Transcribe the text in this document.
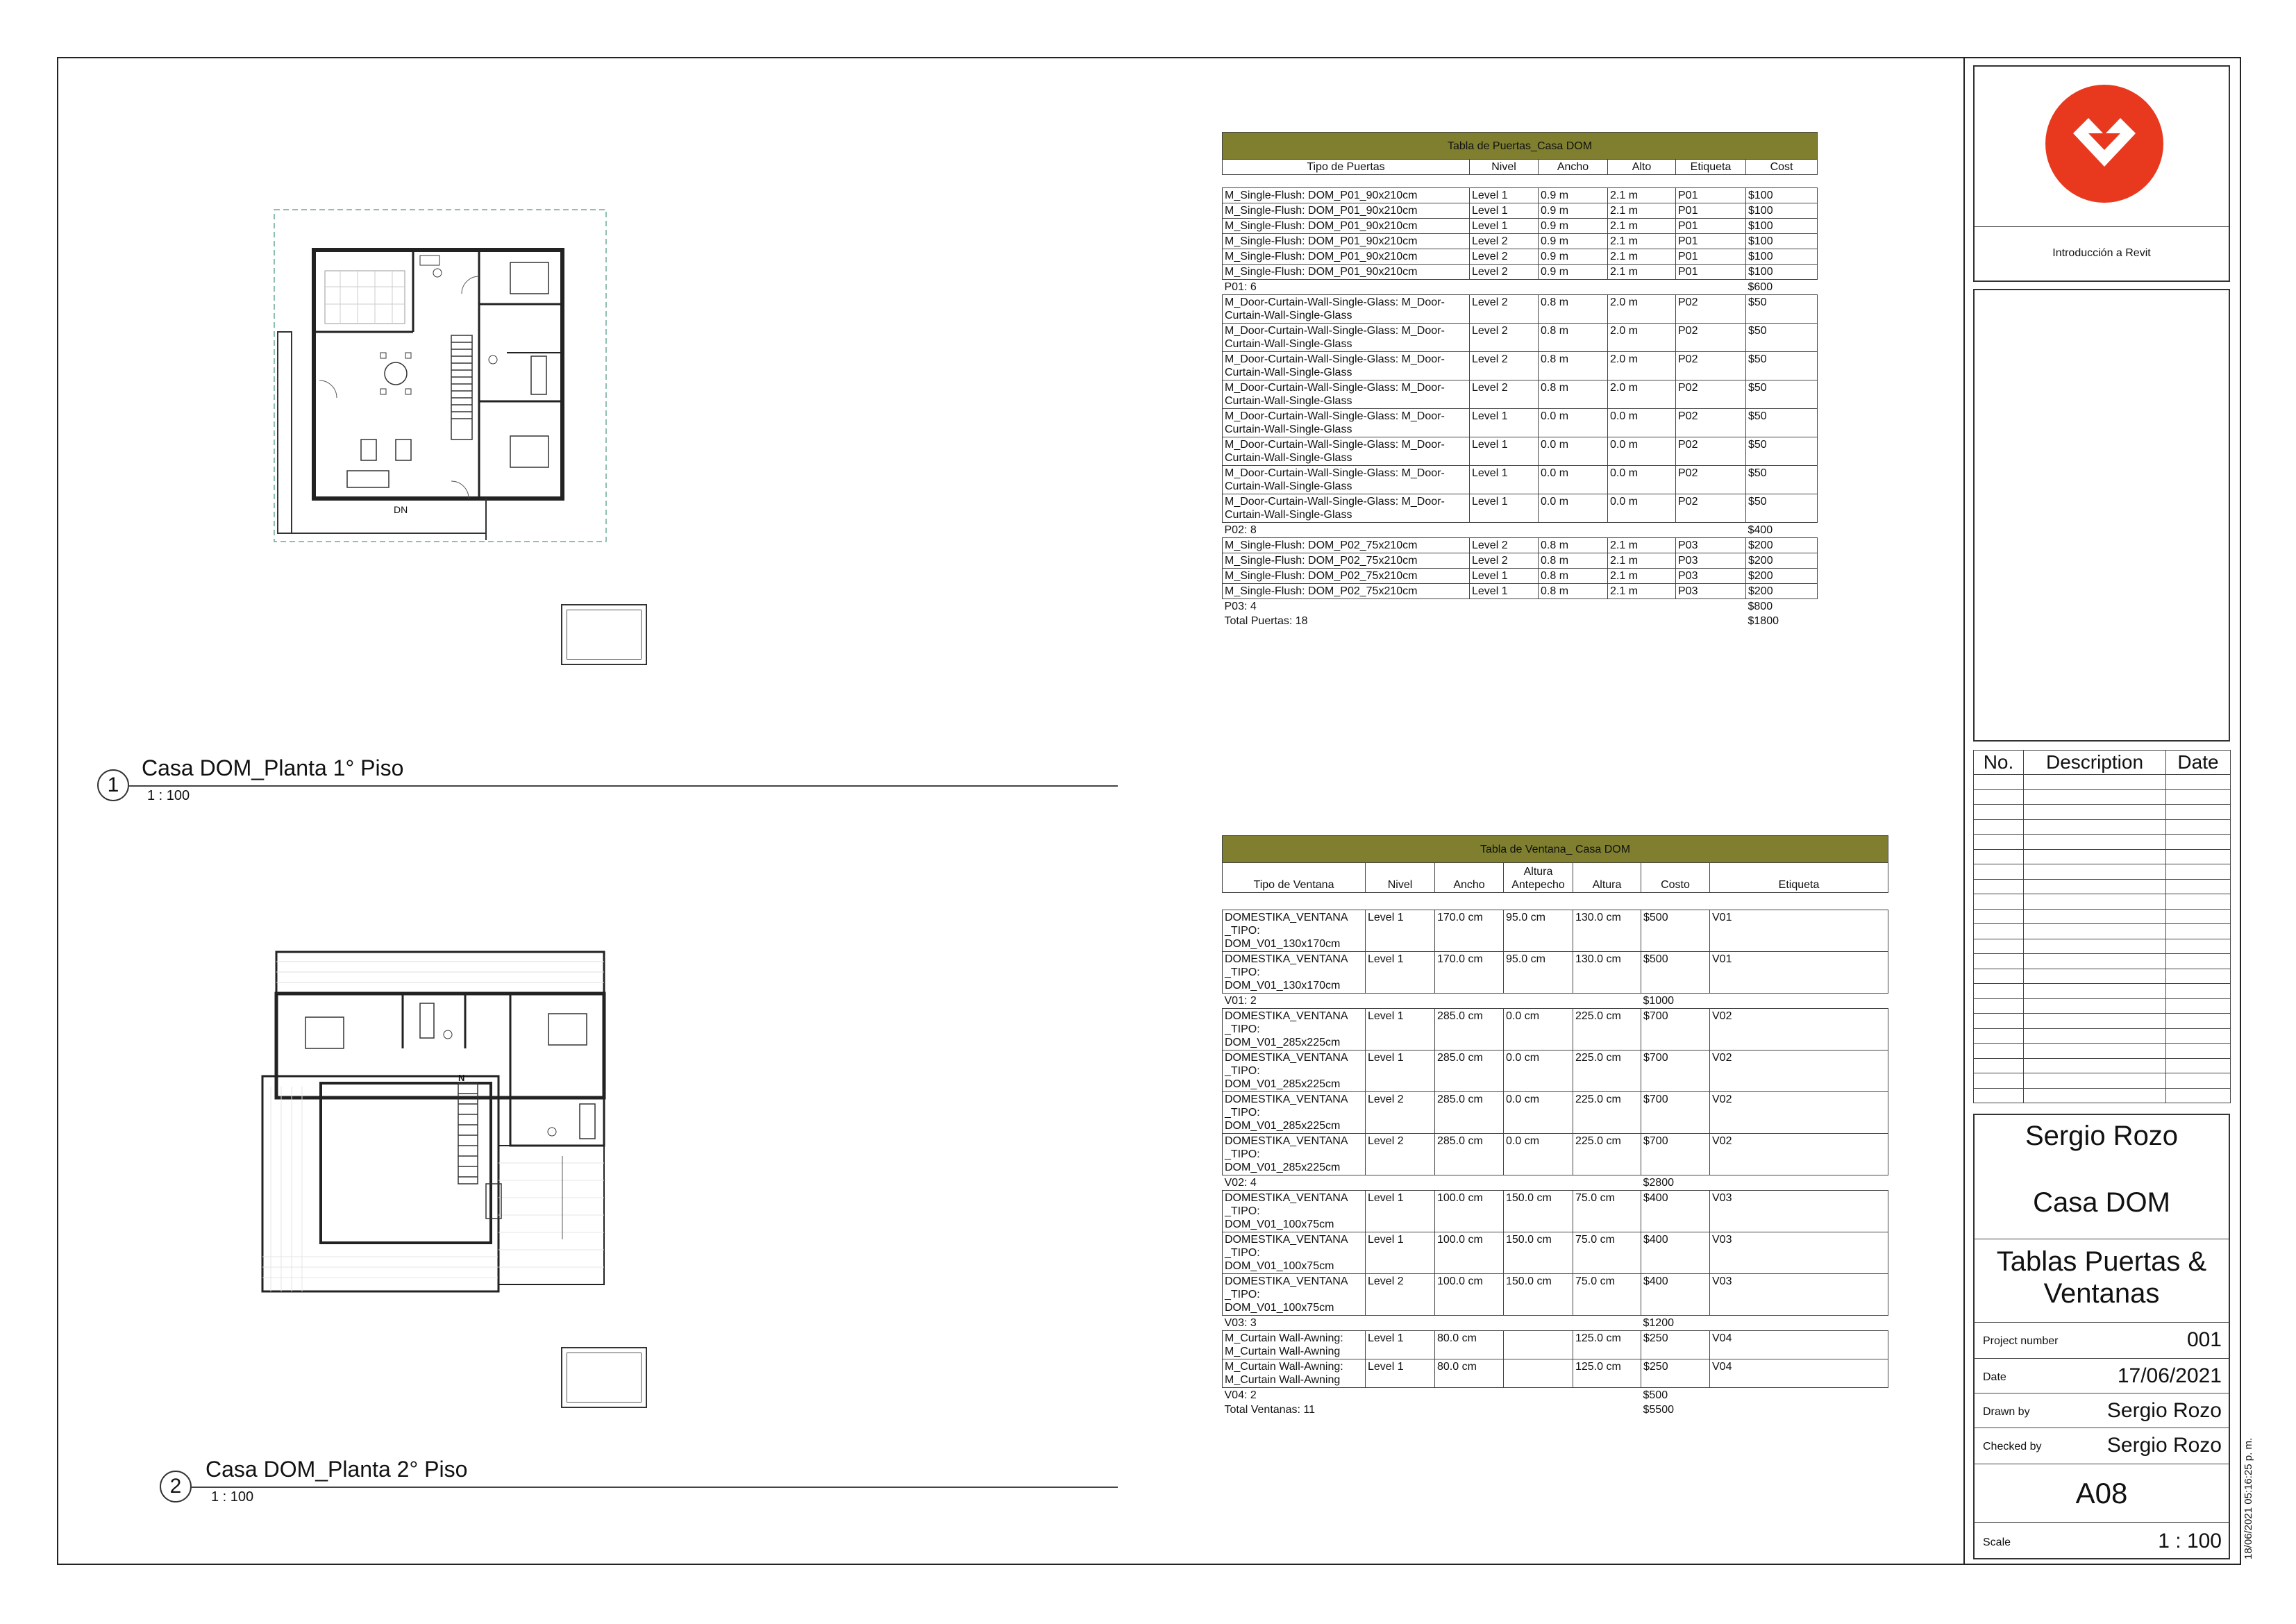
DN
1
Casa DOM_Planta 1° Piso
1 : 100
N
2
Casa DOM_Planta 2° Piso
1 : 100
Tabla de Puertas_Casa DOM					
Tipo de Puertas	Nivel	Ancho	Alto	Etiqueta	Cost

M_Single-Flush: DOM_P01_90x210cm	Level 1	0.9 m	2.1 m	P01	$100
M_Single-Flush: DOM_P01_90x210cm	Level 1	0.9 m	2.1 m	P01	$100
M_Single-Flush: DOM_P01_90x210cm	Level 1	0.9 m	2.1 m	P01	$100
M_Single-Flush: DOM_P01_90x210cm	Level 2	0.9 m	2.1 m	P01	$100
M_Single-Flush: DOM_P01_90x210cm	Level 2	0.9 m	2.1 m	P01	$100
M_Single-Flush: DOM_P01_90x210cm	Level 2	0.9 m	2.1 m	P01	$100
P01: 6					$600
M_Door-Curtain-Wall-Single-Glass: M_Door-Curtain-Wall-Single-Glass	Level 2	0.8 m	2.0 m	P02	$50
M_Door-Curtain-Wall-Single-Glass: M_Door-Curtain-Wall-Single-Glass	Level 2	0.8 m	2.0 m	P02	$50
M_Door-Curtain-Wall-Single-Glass: M_Door-Curtain-Wall-Single-Glass	Level 2	0.8 m	2.0 m	P02	$50
M_Door-Curtain-Wall-Single-Glass: M_Door-Curtain-Wall-Single-Glass	Level 2	0.8 m	2.0 m	P02	$50
M_Door-Curtain-Wall-Single-Glass: M_Door-Curtain-Wall-Single-Glass	Level 1	0.0 m	0.0 m	P02	$50
M_Door-Curtain-Wall-Single-Glass: M_Door-Curtain-Wall-Single-Glass	Level 1	0.0 m	0.0 m	P02	$50
M_Door-Curtain-Wall-Single-Glass: M_Door-Curtain-Wall-Single-Glass	Level 1	0.0 m	0.0 m	P02	$50
M_Door-Curtain-Wall-Single-Glass: M_Door-Curtain-Wall-Single-Glass	Level 1	0.0 m	0.0 m	P02	$50
P02: 8					$400
M_Single-Flush: DOM_P02_75x210cm	Level 2	0.8 m	2.1 m	P03	$200
M_Single-Flush: DOM_P02_75x210cm	Level 2	0.8 m	2.1 m	P03	$200
M_Single-Flush: DOM_P02_75x210cm	Level 1	0.8 m	2.1 m	P03	$200
M_Single-Flush: DOM_P02_75x210cm	Level 1	0.8 m	2.1 m	P03	$200
P03: 4					$800
Total Puertas: 18					$1800
Tabla de Ventana_ Casa DOM						
Tipo de Ventana	Nivel	Ancho	Altura Antepecho	Altura	Costo	Etiqueta

DOMESTIKA_VENTANA _TIPO: DOM_V01_130x170cm	Level 1	170.0 cm	95.0 cm	130.0 cm	$500	V01
DOMESTIKA_VENTANA _TIPO: DOM_V01_130x170cm	Level 1	170.0 cm	95.0 cm	130.0 cm	$500	V01
V01: 2					$1000	
DOMESTIKA_VENTANA _TIPO: DOM_V01_285x225cm	Level 1	285.0 cm	0.0 cm	225.0 cm	$700	V02
DOMESTIKA_VENTANA _TIPO: DOM_V01_285x225cm	Level 1	285.0 cm	0.0 cm	225.0 cm	$700	V02
DOMESTIKA_VENTANA _TIPO: DOM_V01_285x225cm	Level 2	285.0 cm	0.0 cm	225.0 cm	$700	V02
DOMESTIKA_VENTANA _TIPO: DOM_V01_285x225cm	Level 2	285.0 cm	0.0 cm	225.0 cm	$700	V02
V02: 4					$2800	
DOMESTIKA_VENTANA _TIPO: DOM_V01_100x75cm	Level 1	100.0 cm	150.0 cm	75.0 cm	$400	V03
DOMESTIKA_VENTANA _TIPO: DOM_V01_100x75cm	Level 1	100.0 cm	150.0 cm	75.0 cm	$400	V03
DOMESTIKA_VENTANA _TIPO: DOM_V01_100x75cm	Level 2	100.0 cm	150.0 cm	75.0 cm	$400	V03
V03: 3					$1200	
M_Curtain Wall-Awning: M_Curtain Wall-Awning	Level 1	80.0 cm		125.0 cm	$250	V04
M_Curtain Wall-Awning: M_Curtain Wall-Awning	Level 1	80.0 cm		125.0 cm	$250	V04
V04: 2					$500	
Total Ventanas: 11					$5500	
Introducción a Revit
No.	Description	Date

Sergio Rozo
Casa DOM
Tablas Puertas & Ventanas
Project number	001
Date	17/06/2021
Drawn by	Sergio Rozo
Checked by	Sergio Rozo
A08
Scale	1 : 100 18/06/2021 05:16:25 p. m.
